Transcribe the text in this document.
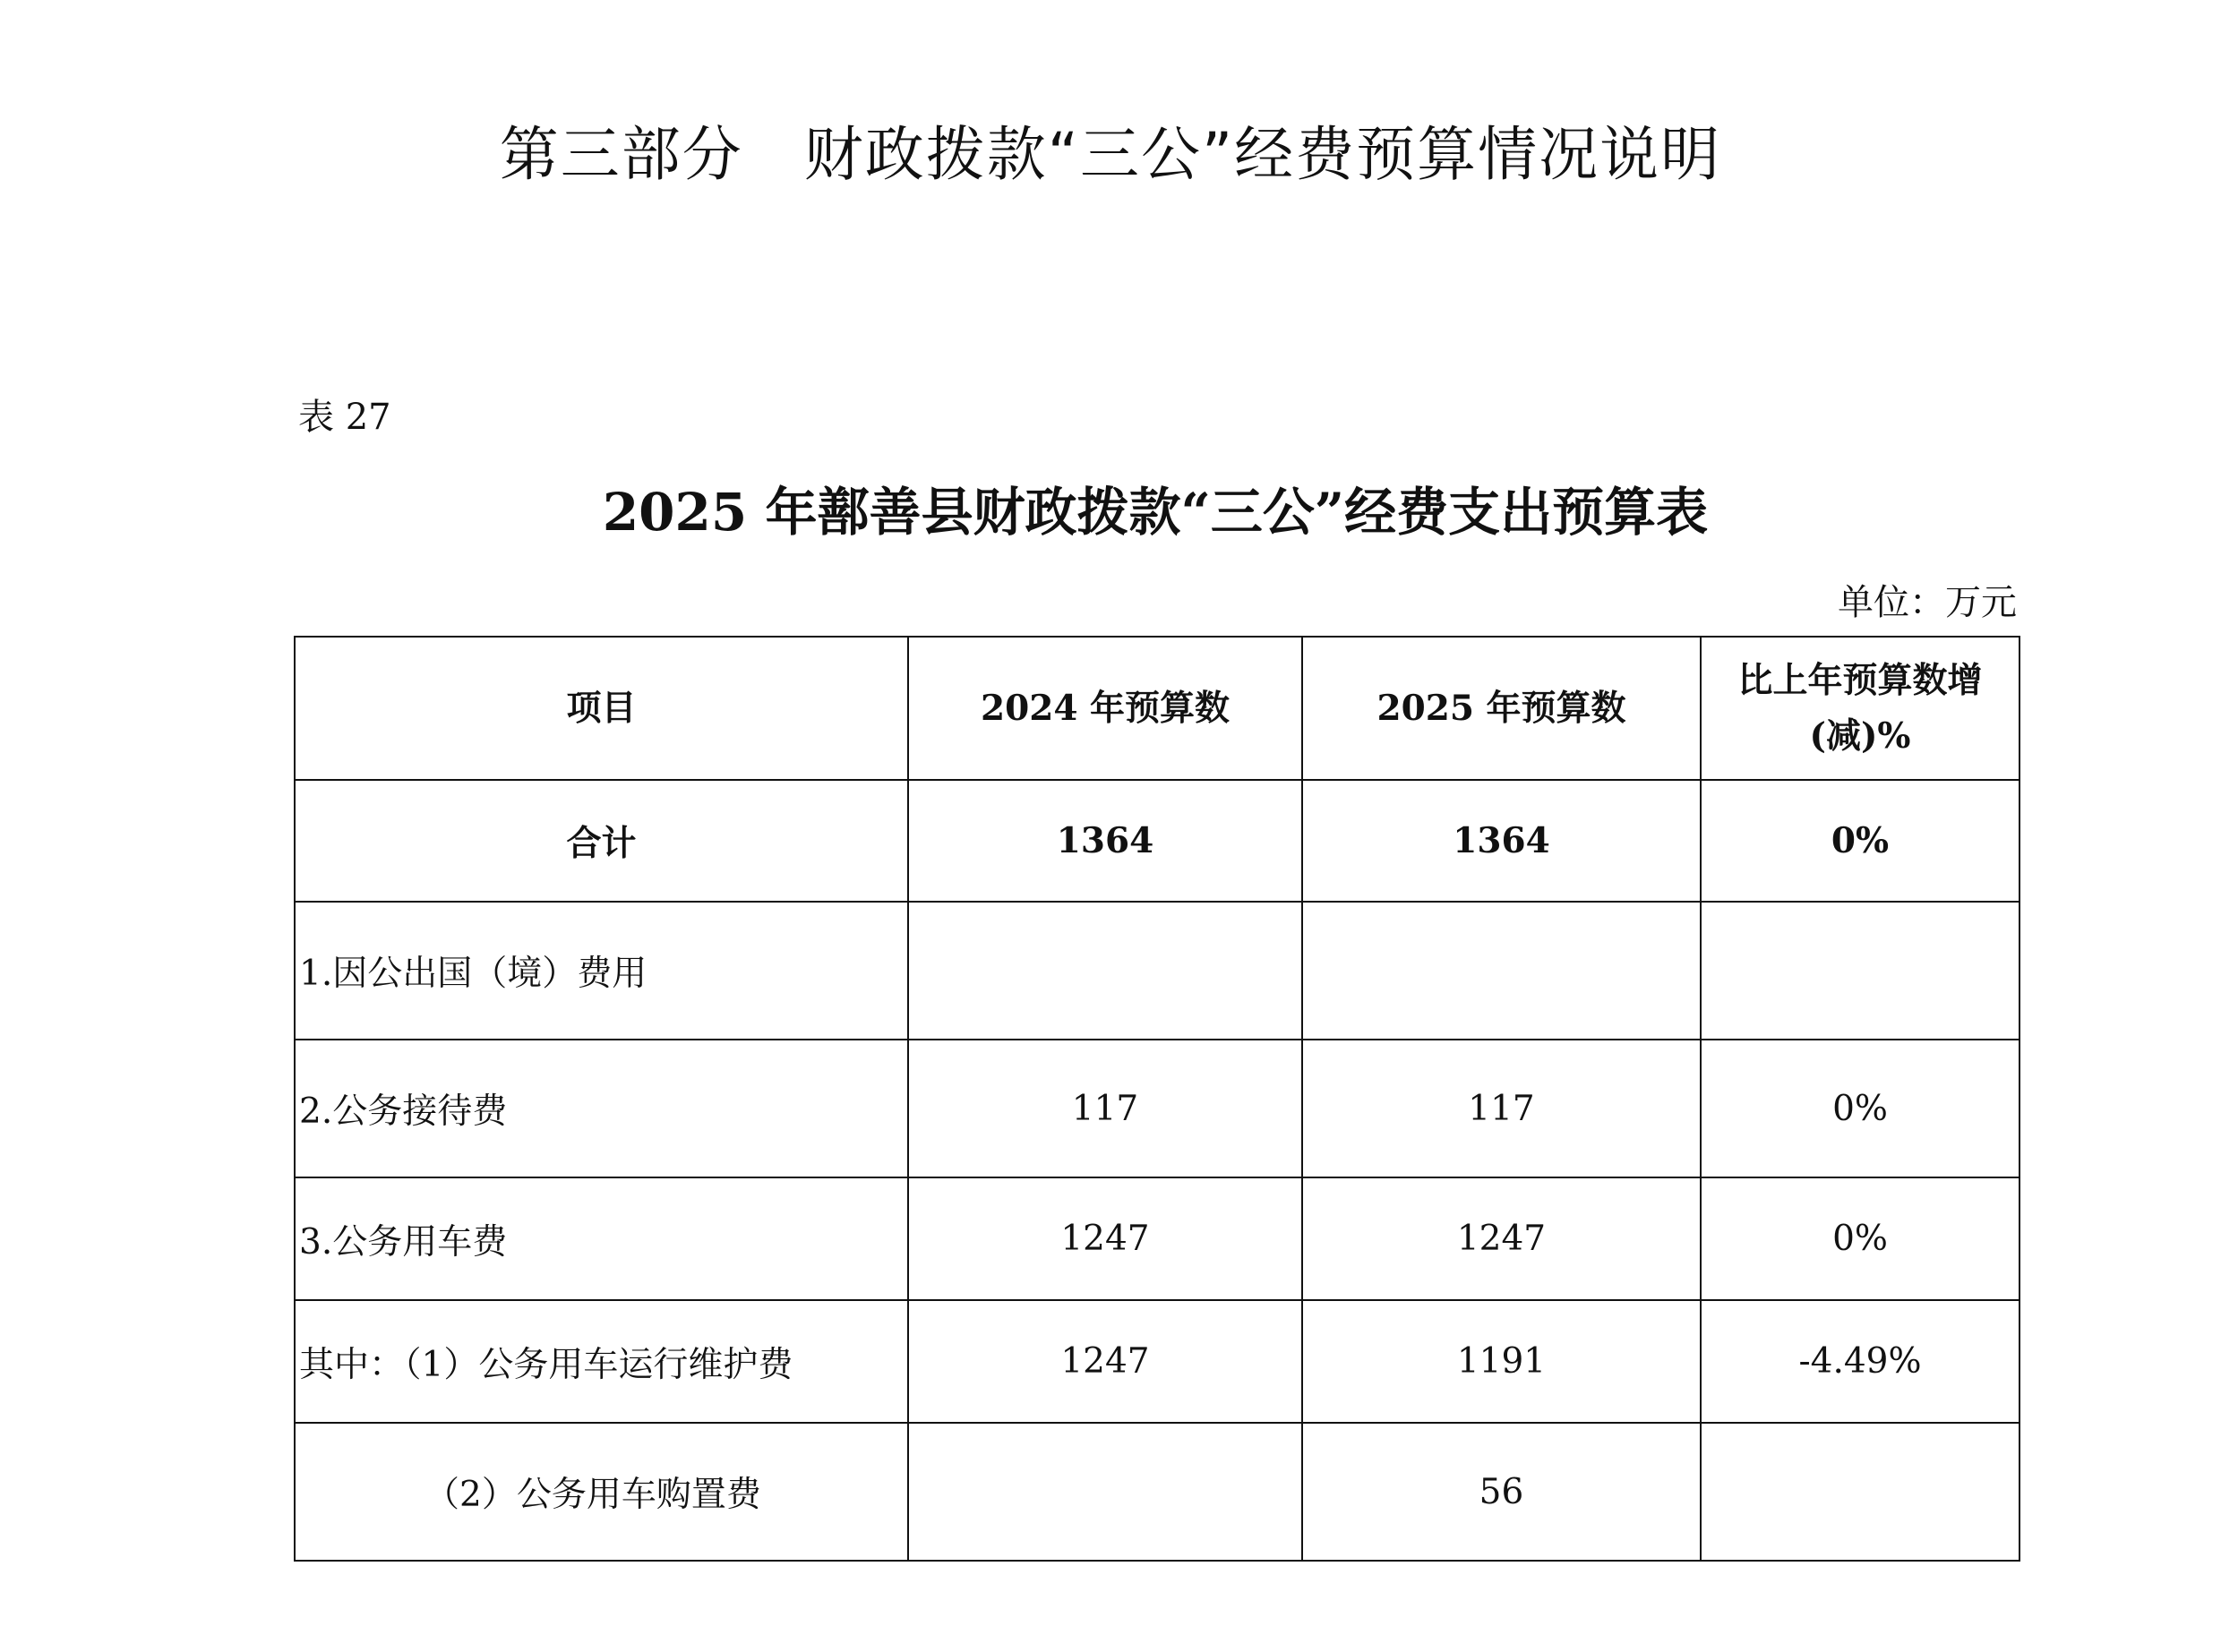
第三部分　财政拨款“三公”经费预算情况说明
表 27
2025 年鄯善县财政拨款“三公”经费支出预算表
单位：万元
项目	2024 年预算数	2025 年预算数	比上年预算数增
(减)%
合计	1364	1364	0%
1.因公出国（境）费用			
2.公务接待费	117	117	0%
3.公务用车费	1247	1247	0%
其中：（1）公务用车运行维护费	1247	1191	-4.49%
（2）公务用车购置费		56	
